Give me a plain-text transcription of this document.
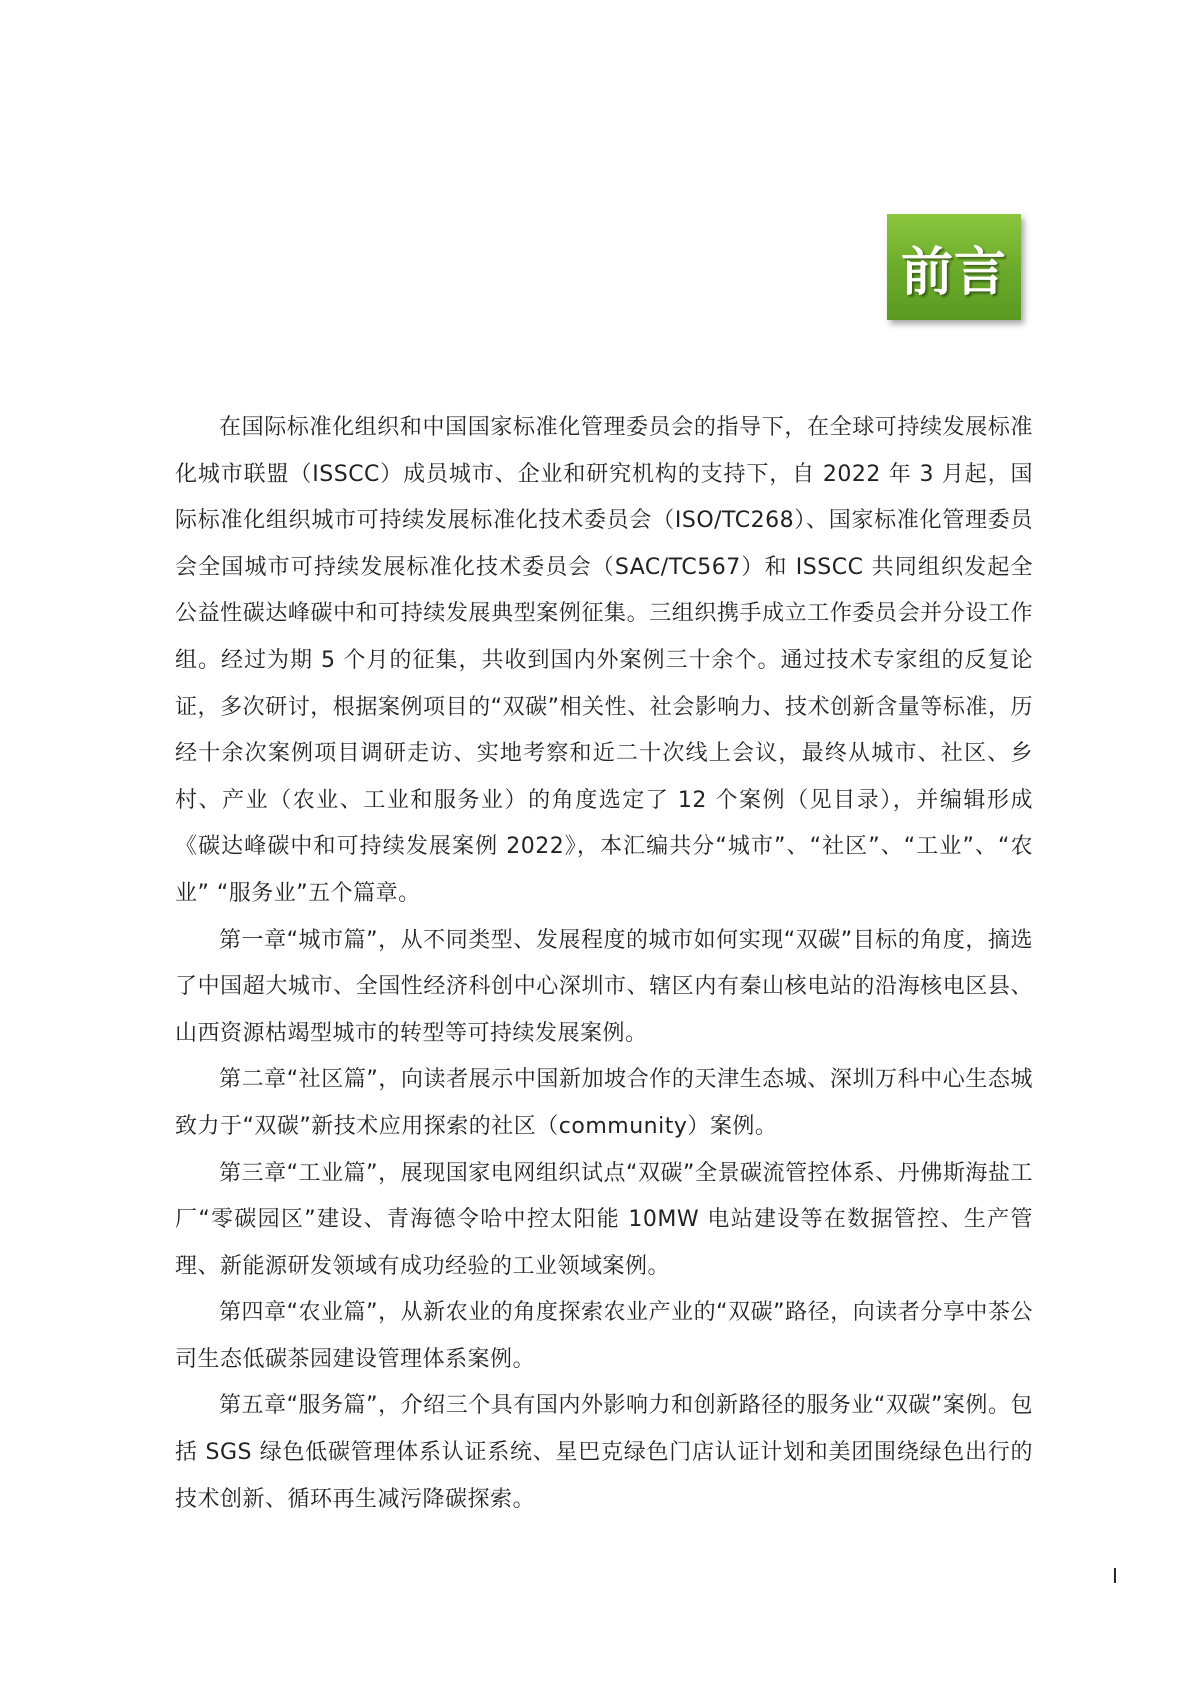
前言

在国际标准化组织和中国国家标准化管理委员会的指导下，在全球可持续发展标准化城市联盟（ISSCC）成员城市、企业和研究机构的支持下，自 2022 年 3 月起，国际标准化组织城市可持续发展标准化技术委员会（ISO/TC268）、国家标准化管理委员会全国城市可持续发展标准化技术委员会（SAC/TC567）和 ISSCC 共同组织发起全公益性碳达峰碳中和可持续发展典型案例征集。三组织携手成立工作委员会并分设工作组。经过为期 5 个月的征集，共收到国内外案例三十余个。通过技术专家组的反复论证，多次研讨，根据案例项目的“双碳”相关性、社会影响力、技术创新含量等标准，历经十余次案例项目调研走访、实地考察和近二十次线上会议，最终从城市、社区、乡村、产业（农业、工业和服务业）的角度选定了 12 个案例（见目录），并编辑形成《碳达峰碳中和可持续发展案例 2022》，本汇编共分“城市”、“社区”、“工业”、“农业” “服务业”五个篇章。

第一章“城市篇”，从不同类型、发展程度的城市如何实现“双碳”目标的角度，摘选了中国超大城市、全国性经济科创中心深圳市、辖区内有秦山核电站的沿海核电区县、山西资源枯竭型城市的转型等可持续发展案例。

第二章“社区篇”，向读者展示中国新加坡合作的天津生态城、深圳万科中心生态城致力于“双碳”新技术应用探索的社区（community）案例。

第三章“工业篇”，展现国家电网组织试点“双碳”全景碳流管控体系、丹佛斯海盐工厂“零碳园区”建设、青海德令哈中控太阳能 10MW 电站建设等在数据管控、生产管理、新能源研发领域有成功经验的工业领域案例。

第四章“农业篇”，从新农业的角度探索农业产业的“双碳”路径，向读者分享中茶公司生态低碳茶园建设管理体系案例。

第五章“服务篇”，介绍三个具有国内外影响力和创新路径的服务业“双碳”案例。包括 SGS 绿色低碳管理体系认证系统、星巴克绿色门店认证计划和美团围绕绿色出行的技术创新、循环再生减污降碳探索。

I
